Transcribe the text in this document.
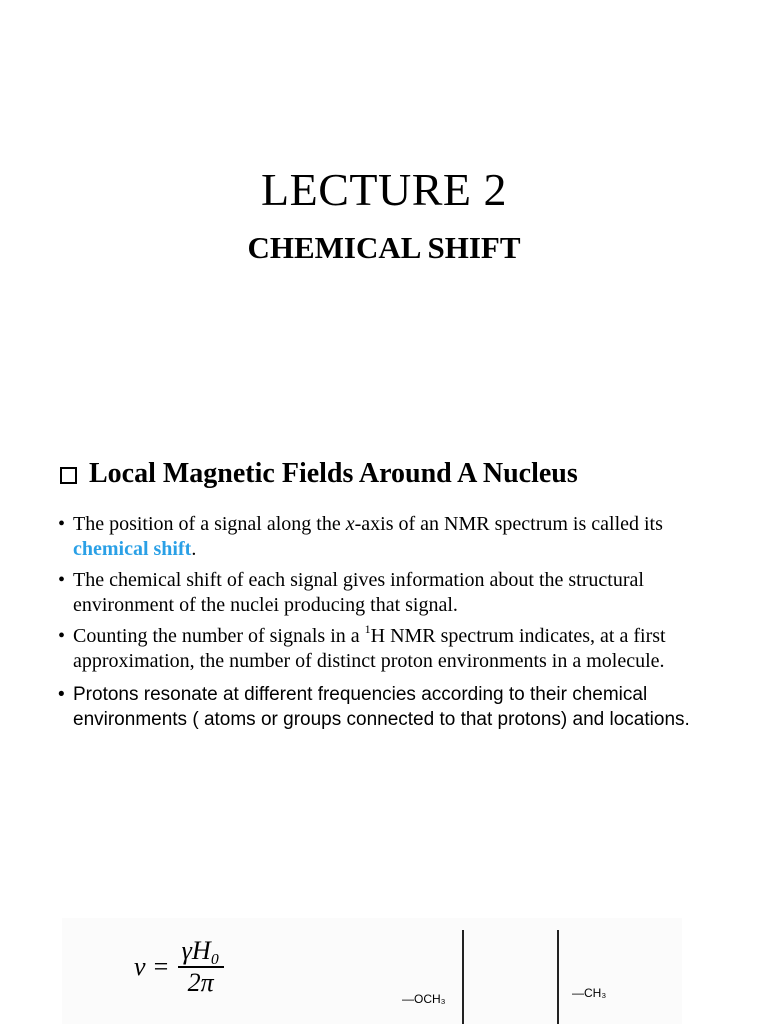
LECTURE 2
CHEMICAL SHIFT
Local Magnetic Fields Around A Nucleus
• The position of a signal along the x-axis of an NMR spectrum is called its chemical shift.
• The chemical shift of each signal gives information about the structural environment of the nuclei producing that signal.
• Counting the number of signals in a $^1$H NMR spectrum indicates, at a first approximation, the number of distinct proton environments in a molecule.
• Protons resonate at different frequencies according to their chemical environments ( atoms or groups connected to that protons) and locations.
$\nu = \frac{\text{γH₀}}{2\pi}$
—OCH₃	—CH₃
